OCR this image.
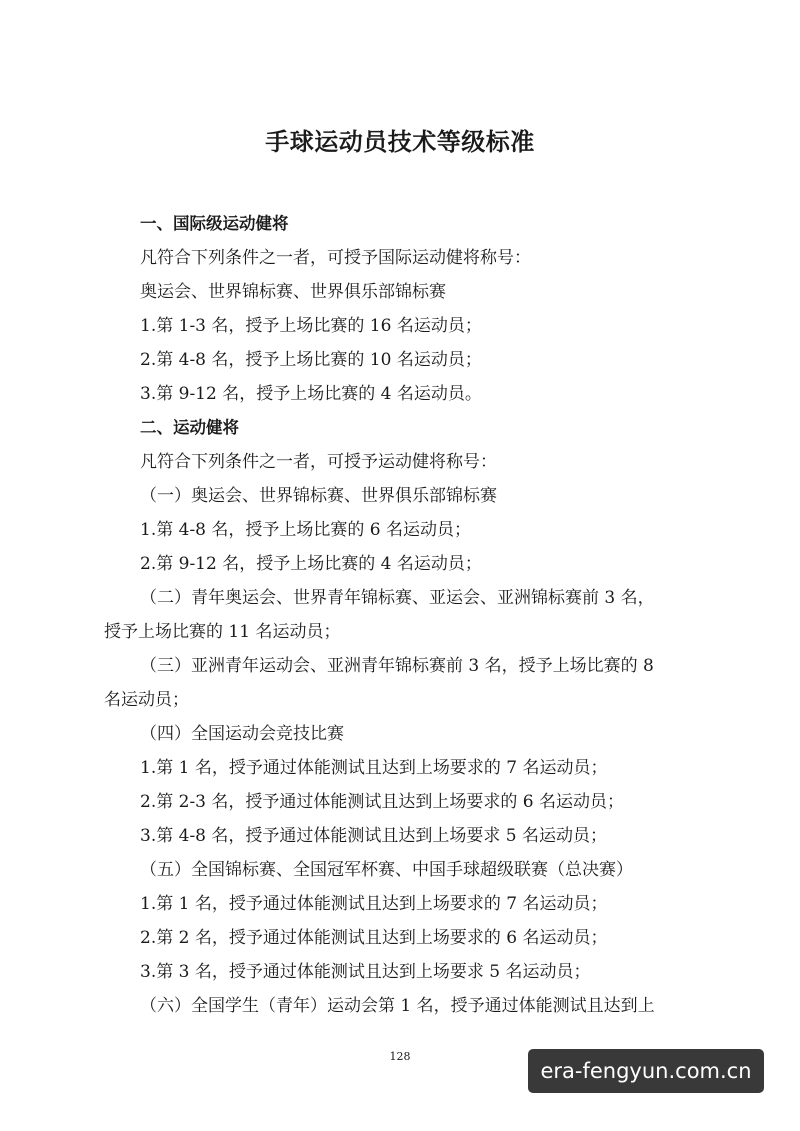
手球运动员技术等级标准

一、国际级运动健将

凡符合下列条件之一者，可授予国际运动健将称号：

奥运会、世界锦标赛、世界俱乐部锦标赛

1.第 1-3 名，授予上场比赛的 16 名运动员；

2.第 4-8 名，授予上场比赛的 10 名运动员；

3.第 9-12 名，授予上场比赛的 4 名运动员。

二、运动健将

凡符合下列条件之一者，可授予运动健将称号：

（一）奥运会、世界锦标赛、世界俱乐部锦标赛

1.第 4-8 名，授予上场比赛的 6 名运动员；

2.第 9-12 名，授予上场比赛的 4 名运动员；

（二）青年奥运会、世界青年锦标赛、亚运会、亚洲锦标赛前 3 名，

授予上场比赛的 11 名运动员；

（三）亚洲青年运动会、亚洲青年锦标赛前 3 名，授予上场比赛的 8

名运动员；

（四）全国运动会竞技比赛

1.第 1 名，授予通过体能测试且达到上场要求的 7 名运动员；

2.第 2-3 名，授予通过体能测试且达到上场要求的 6 名运动员；

3.第 4-8 名，授予通过体能测试且达到上场要求 5 名运动员；

（五）全国锦标赛、全国冠军杯赛、中国手球超级联赛（总决赛）

1.第 1 名，授予通过体能测试且达到上场要求的 7 名运动员；

2.第 2 名，授予通过体能测试且达到上场要求的 6 名运动员；

3.第 3 名，授予通过体能测试且达到上场要求 5 名运动员；

（六）全国学生（青年）运动会第 1 名，授予通过体能测试且达到上

128
era-fengyun.com.cn
